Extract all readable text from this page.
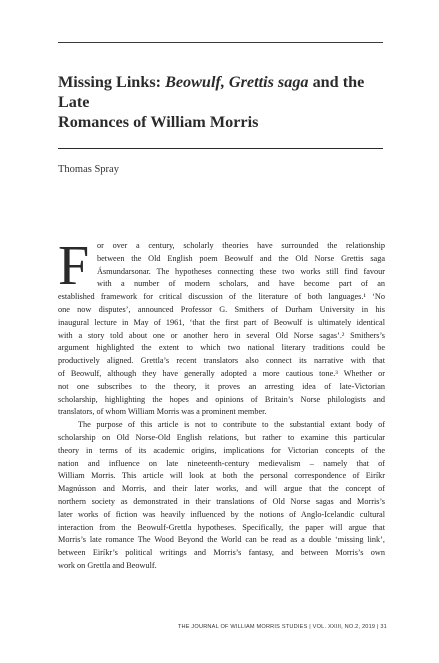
Missing Links: Beowulf, Grettis saga and the Late
Romances of William Morris
Thomas Spray
F or over a century, scholarly theories have surrounded the relationship
between the Old English poem Beowulf and the Old Norse Grettis saga
Ásmundarsonar. The hypotheses connecting these two works still find favour
with a number of modern scholars, and have become part of an
established framework for critical discussion of the literature of both languages.¹ ‘No
one now disputes’, announced Professor G. Smithers of Durham University in his
inaugural lecture in May of 1961, ‘that the first part of Beowulf is ultimately identical
with a story told about one or another hero in several Old Norse sagas’.² Smithers’s
argument highlighted the extent to which two national literary traditions could be
productively aligned. Grettla’s recent translators also connect its narrative with that
of Beowulf, although they have generally adopted a more cautious tone.³ Whether or
not one subscribes to the theory, it proves an arresting idea of late-Victorian
scholarship, highlighting the hopes and opinions of Britain’s Norse philologists and
translators, of whom William Morris was a prominent member.
The purpose of this article is not to contribute to the substantial extant body of
scholarship on Old Norse-Old English relations, but rather to examine this particular
theory in terms of its academic origins, implications for Victorian concepts of the
nation and influence on late nineteenth-century medievalism – namely that of
William Morris. This article will look at both the personal correspondence of Eiríkr
Magnússon and Morris, and their later works, and will argue that the concept of
northern society as demonstrated in their translations of Old Norse sagas and Morris’s
later works of fiction was heavily influenced by the notions of Anglo-Icelandic cultural
interaction from the Beowulf-Grettla hypotheses. Specifically, the paper will argue that
Morris’s late romance The Wood Beyond the World can be read as a double ‘missing link’,
between Eiríkr’s political writings and Morris’s fantasy, and between Morris’s own
work on Grettla and Beowulf.
THE JOURNAL OF WILLIAM MORRIS STUDIES | VOL. XXIII, NO.2, 2019 | 31
